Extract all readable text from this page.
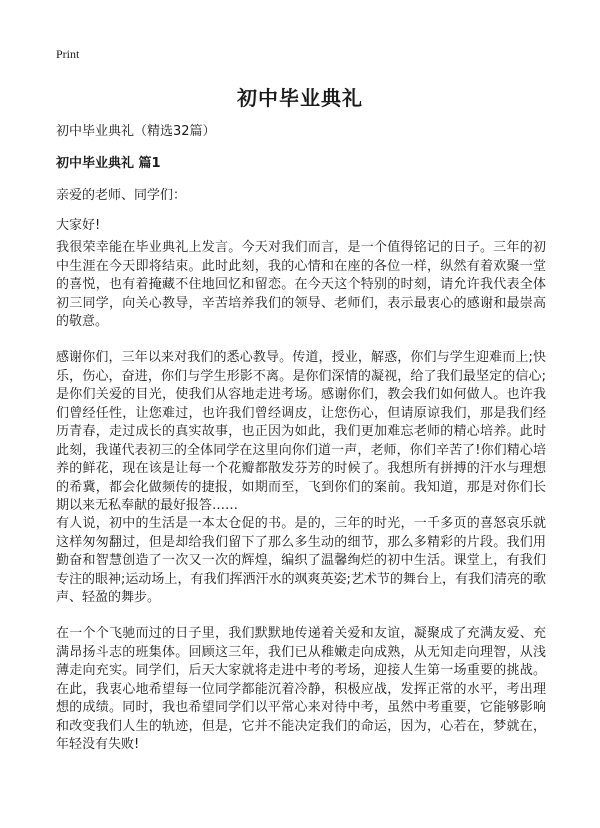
Print
初中毕业典礼

初中毕业典礼（精选32篇）

初中毕业典礼 篇1

亲爱的老师、同学们：

大家好!

我很荣幸能在毕业典礼上发言。今天对我们而言，是一个值得铭记的日子。三年的初中生涯在今天即将结束。此时此刻，我的心情和在座的各位一样，纵然有着欢聚一堂的喜悦，也有着掩藏不住地回忆和留恋。在今天这个特别的时刻，请允许我代表全体初三同学，向关心教导，辛苦培养我们的领导、老师们，表示最衷心的感谢和最崇高的敬意。

感谢你们，三年以来对我们的悉心教导。传道，授业，解惑，你们与学生迎难而上;快乐，伤心，奋进，你们与学生形影不离。是你们深情的凝视，给了我们最坚定的信心;是你们关爱的目光，使我们从容地走进考场。感谢你们，教会我们如何做人。也许我们曾经任性，让您难过，也许我们曾经调皮，让您伤心，但请原谅我们，那是我们经历青春，走过成长的真实故事，也正因为如此，我们更加难忘老师的精心培养。此时此刻，我谨代表初三的全体同学在这里向你们道一声，老师，你们辛苦了!你们精心培养的鲜花，现在该是让每一个花瓣都散发芬芳的时候了。我想所有拼搏的汗水与理想的希冀，都会化做频传的捷报，如期而至，飞到你们的案前。我知道，那是对你们长期以来无私奉献的最好报答……

有人说，初中的生活是一本太仓促的书。是的，三年的时光，一千多页的喜怒哀乐就这样匆匆翻过，但是却给我们留下了那么多生动的细节，那么多精彩的片段。我们用勤奋和智慧创造了一次又一次的辉煌，编织了温馨绚烂的初中生活。课堂上，有我们专注的眼神;运动场上，有我们挥洒汗水的飒爽英姿;艺术节的舞台上，有我们清亮的歌声、轻盈的舞步。

在一个个飞驰而过的日子里，我们默默地传递着关爱和友谊，凝聚成了充满友爱、充满昂扬斗志的班集体。回顾这三年，我们已从稚嫩走向成熟，从无知走向理智，从浅薄走向充实。同学们，后天大家就将走进中考的考场，迎接人生第一场重要的挑战。在此，我衷心地希望每一位同学都能沉着冷静，积极应战，发挥正常的水平，考出理想的成绩。同时，我也希望同学们以平常心来对待中考，虽然中考重要，它能够影响和改变我们人生的轨迹，但是，它并不能决定我们的命运，因为，心若在，梦就在，年轻没有失败!
